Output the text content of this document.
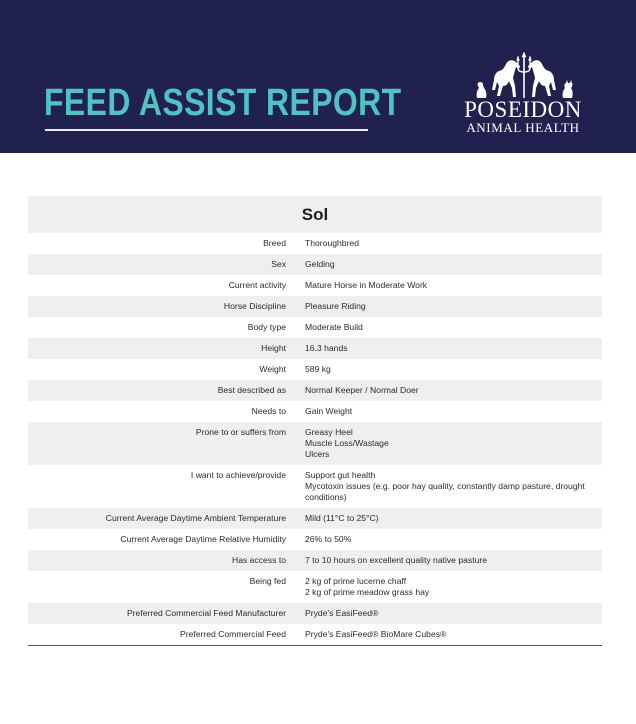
FEED ASSIST REPORT	POSEIDON
ANIMAL HEALTH
Sol
Breed	Thoroughbred
Sex	Gelding
Current activity	Mature Horse in Moderate Work
Horse Discipline	Pleasure Riding
Body type	Moderate Build
Height	16.3 hands
Weight	589 kg
Best described as	Normal Keeper / Normal Doer
Needs to	Gain Weight
Prone to or suffers from	Greasy Heel
Muscle Loss/Wastage
Ulcers
I want to achieve/provide	Support gut health
Mycotoxin issues (e.g. poor hay quality, constantly damp pasture, drought conditions)
Current Average Daytime Ambient Temperature	Mild (11°C to 25°C)
Current Average Daytime Relative Humidity	26% to 50%
Has access to	7 to 10 hours on excellent quality native pasture
Being fed	2 kg of prime lucerne chaff
2 kg of prime meadow grass hay
Preferred Commercial Feed Manufacturer	Pryde's EasiFeed®
Preferred Commercial Feed	Pryde's EasiFeed® BioMare Cubes®
